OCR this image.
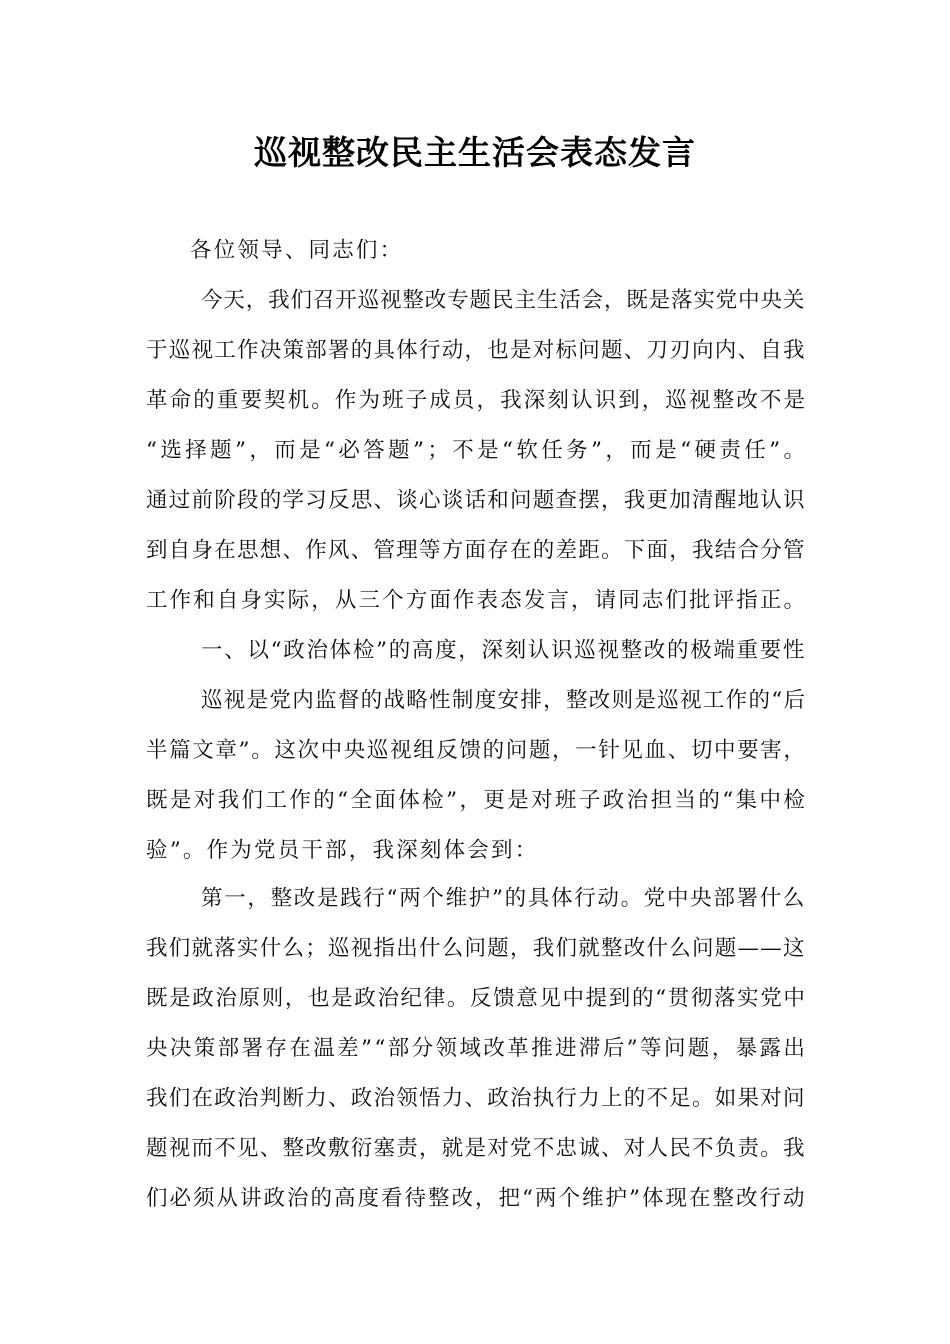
巡视整改民主生活会表态发言

各位领导、同志们：

今天，我们召开巡视整改专题民主生活会，既是落实党中央关

于巡视工作决策部署的具体行动，也是对标问题、刀刃向内、自我

革命的重要契机。作为班子成员，我深刻认识到，巡视整改不是

“选择题”，而是“必答题”；不是“软任务”，而是“硬责任”。

通过前阶段的学习反思、谈心谈话和问题查摆，我更加清醒地认识

到自身在思想、作风、管理等方面存在的差距。下面，我结合分管

工作和自身实际，从三个方面作表态发言，请同志们批评指正。

一、以“政治体检”的高度，深刻认识巡视整改的极端重要性

巡视是党内监督的战略性制度安排，整改则是巡视工作的“后

半篇文章”。这次中央巡视组反馈的问题，一针见血、切中要害，

既是对我们工作的“全面体检”，更是对班子政治担当的“集中检

验”。作为党员干部，我深刻体会到：

第一，整改是践行“两个维护”的具体行动。党中央部署什么

我们就落实什么；巡视指出什么问题，我们就整改什么问题——这

既是政治原则，也是政治纪律。反馈意见中提到的“贯彻落实党中

央决策部署存在温差”“部分领域改革推进滞后”等问题，暴露出

我们在政治判断力、政治领悟力、政治执行力上的不足。如果对问

题视而不见、整改敷衍塞责，就是对党不忠诚、对人民不负责。我

们必须从讲政治的高度看待整改，把“两个维护”体现在整改行动
